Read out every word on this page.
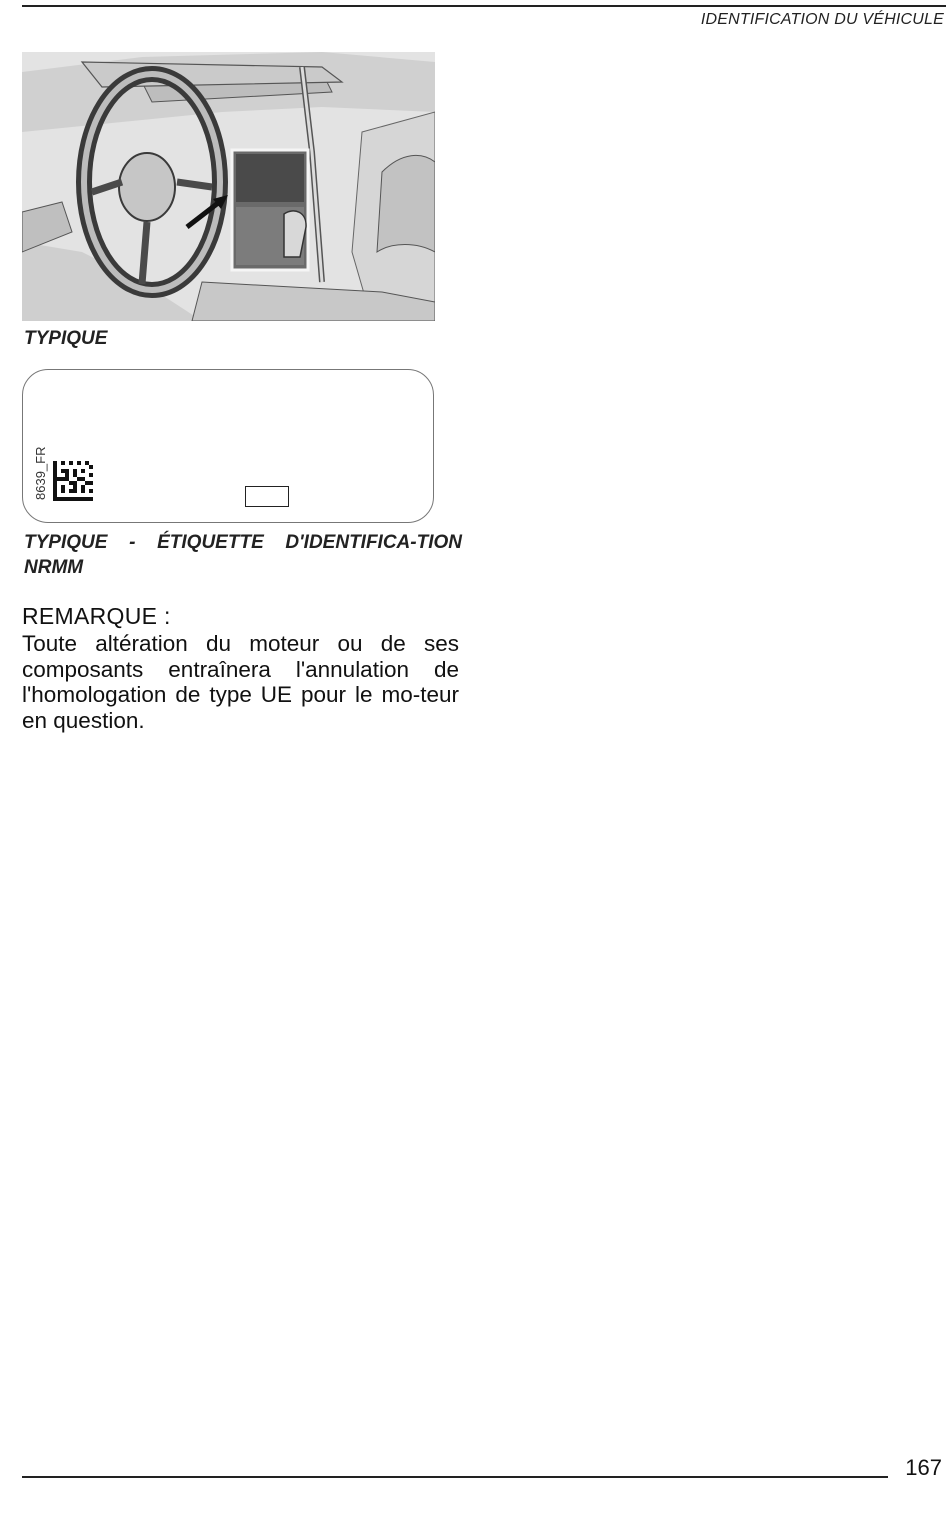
IDENTIFICATION DU VÉHICULE
TYPIQUE
8639_FR
TYPIQUE - ÉTIQUETTE D'IDENTIFICA-TION NRMM
REMARQUE :
Toute altération du moteur ou de ses composants entraînera l'annulation de l'homologation de type UE pour le mo-teur en question.
167
